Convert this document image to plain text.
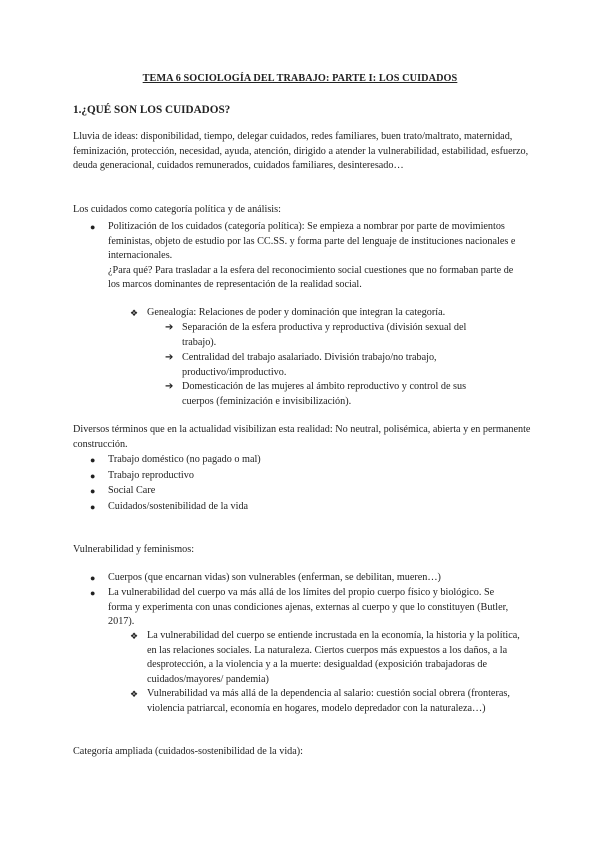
TEMA 6 SOCIOLOGÍA DEL TRABAJO: PARTE I: LOS CUIDADOS
1.¿QUÉ SON LOS CUIDADOS?
Lluvia de ideas: disponibilidad, tiempo, delegar cuidados, redes familiares, buen trato/maltrato, maternidad, feminización, protección, necesidad, ayuda, atención, dirigido a atender la vulnerabilidad, estabilidad, esfuerzo, deuda generacional, cuidados remunerados, cuidados familiares, desinteresado…
Los cuidados como categoría política y de análisis:
● Politización de los cuidados (categoría política): Se empieza a nombrar por parte de movimientos feministas, objeto de estudio por las CC.SS. y forma parte del lenguaje de instituciones nacionales e internacionales.
¿Para qué? Para trasladar a la esfera del reconocimiento social cuestiones que no formaban parte de los marcos dominantes de representación de la realidad social.
❖ Genealogía: Relaciones de poder y dominación que integran la categoría.
➔ Separación de la esfera productiva y reproductiva (división sexual del trabajo).
➔ Centralidad del trabajo asalariado. División trabajo/no trabajo, productivo/improductivo.
➔ Domesticación de las mujeres al ámbito reproductivo y control de sus cuerpos (feminización e invisibilización).
Diversos términos que en la actualidad visibilizan esta realidad: No neutral, polisémica, abierta y en permanente construcción.
● Trabajo doméstico (no pagado o mal)
● Trabajo reproductivo
● Social Care
● Cuidados/sostenibilidad de la vida
Vulnerabilidad y feminismos:
● Cuerpos (que encarnan vidas) son vulnerables (enferman, se debilitan, mueren…)
● La vulnerabilidad del cuerpo va más allá de los límites del propio cuerpo físico y biológico. Se forma y experimenta con unas condiciones ajenas, externas al cuerpo y que lo constituyen (Butler, 2017).
❖ La vulnerabilidad del cuerpo se entiende incrustada en la economía, la historia y la política, en las relaciones sociales. La naturaleza. Ciertos cuerpos más expuestos a los daños, a la desprotección, a la violencia y a la muerte: desigualdad (exposición trabajadoras de cuidados/mayores/ pandemia)
❖ Vulnerabilidad va más allá de la dependencia al salario: cuestión social obrera (fronteras, violencia patriarcal, economía en hogares, modelo depredador con la naturaleza…)
Categoría ampliada (cuidados-sostenibilidad de la vida):
